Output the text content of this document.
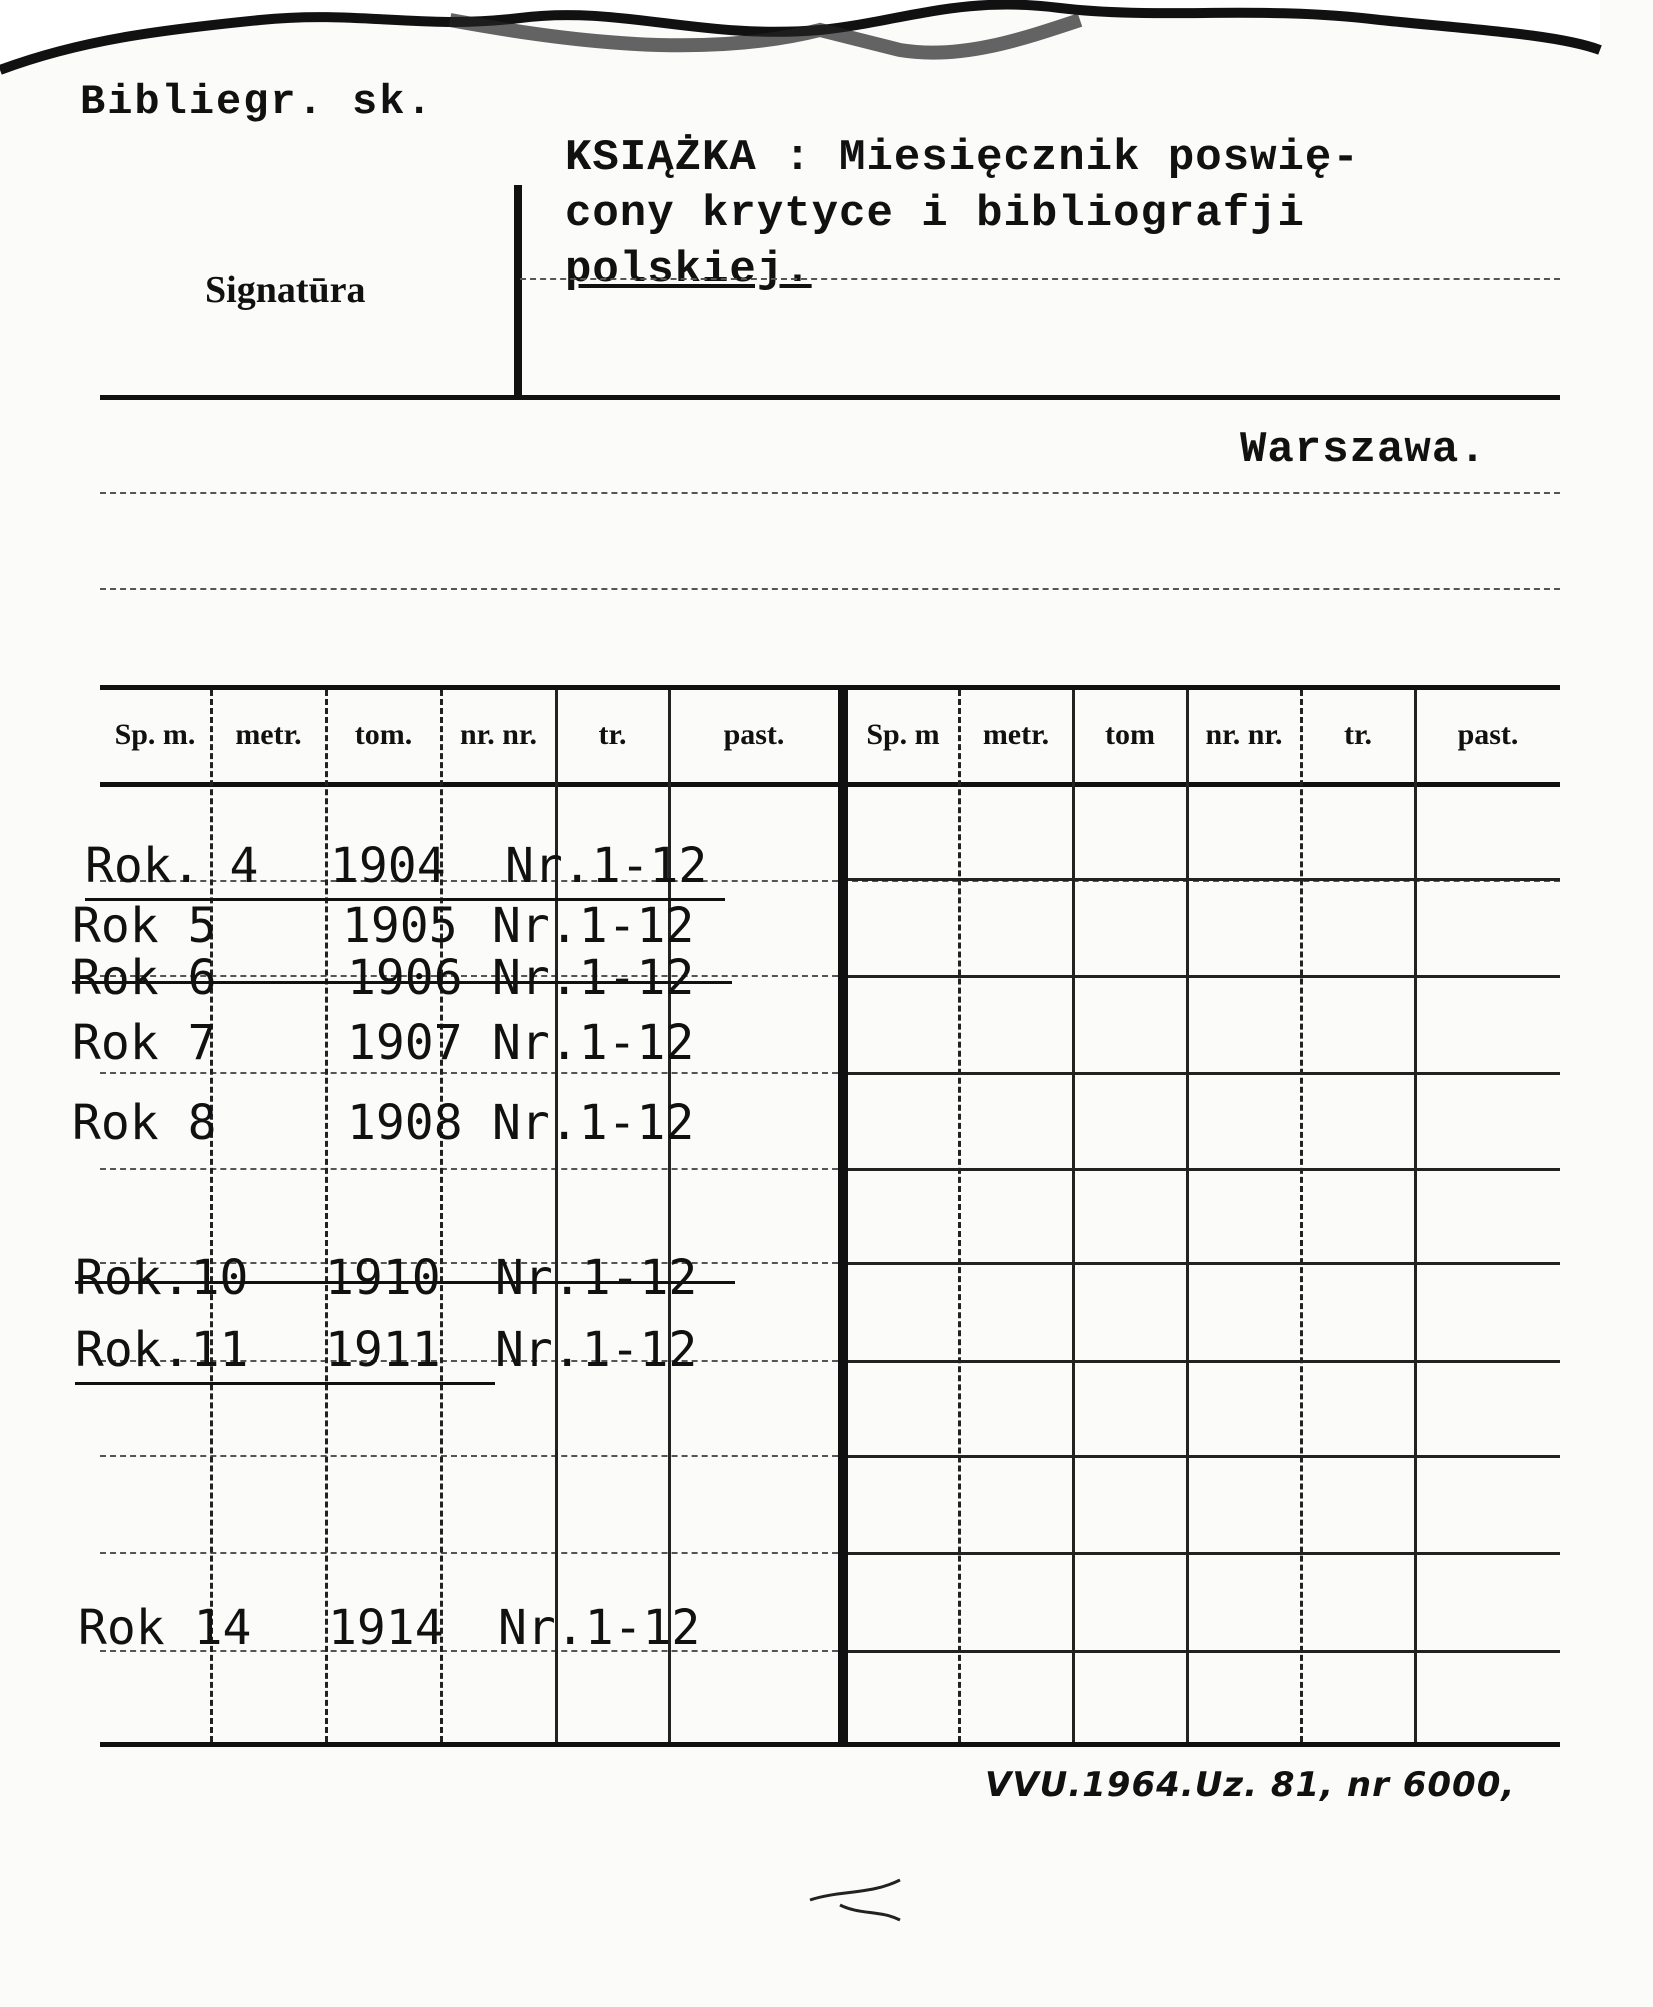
Bibliegr. sk.
Signatūra
KSIĄŻKA : Miesięcznik poswię-
cony krytyce i bibliografji
polskiej.
Warszawa.
Sp. m.	metr.	tom.	nr. nr.	tr.	past.	Sp. m	metr.	tom	nr. nr.	tr.	past.
Rok. 4 1904 Nr.1-12
Rok 5	1905 Nr.1-12
Rok 6	1906 Nr.1-12
Rok 7	1907 Nr.1-12
Rok 8	1908 Nr.1-12
Rok.10 1910 Nr.1-12
Rok.11 1911 Nr.1-12
Rok 14 1914 Nr.1-12
VVU.1964.Uz. 81, nr 6000,
